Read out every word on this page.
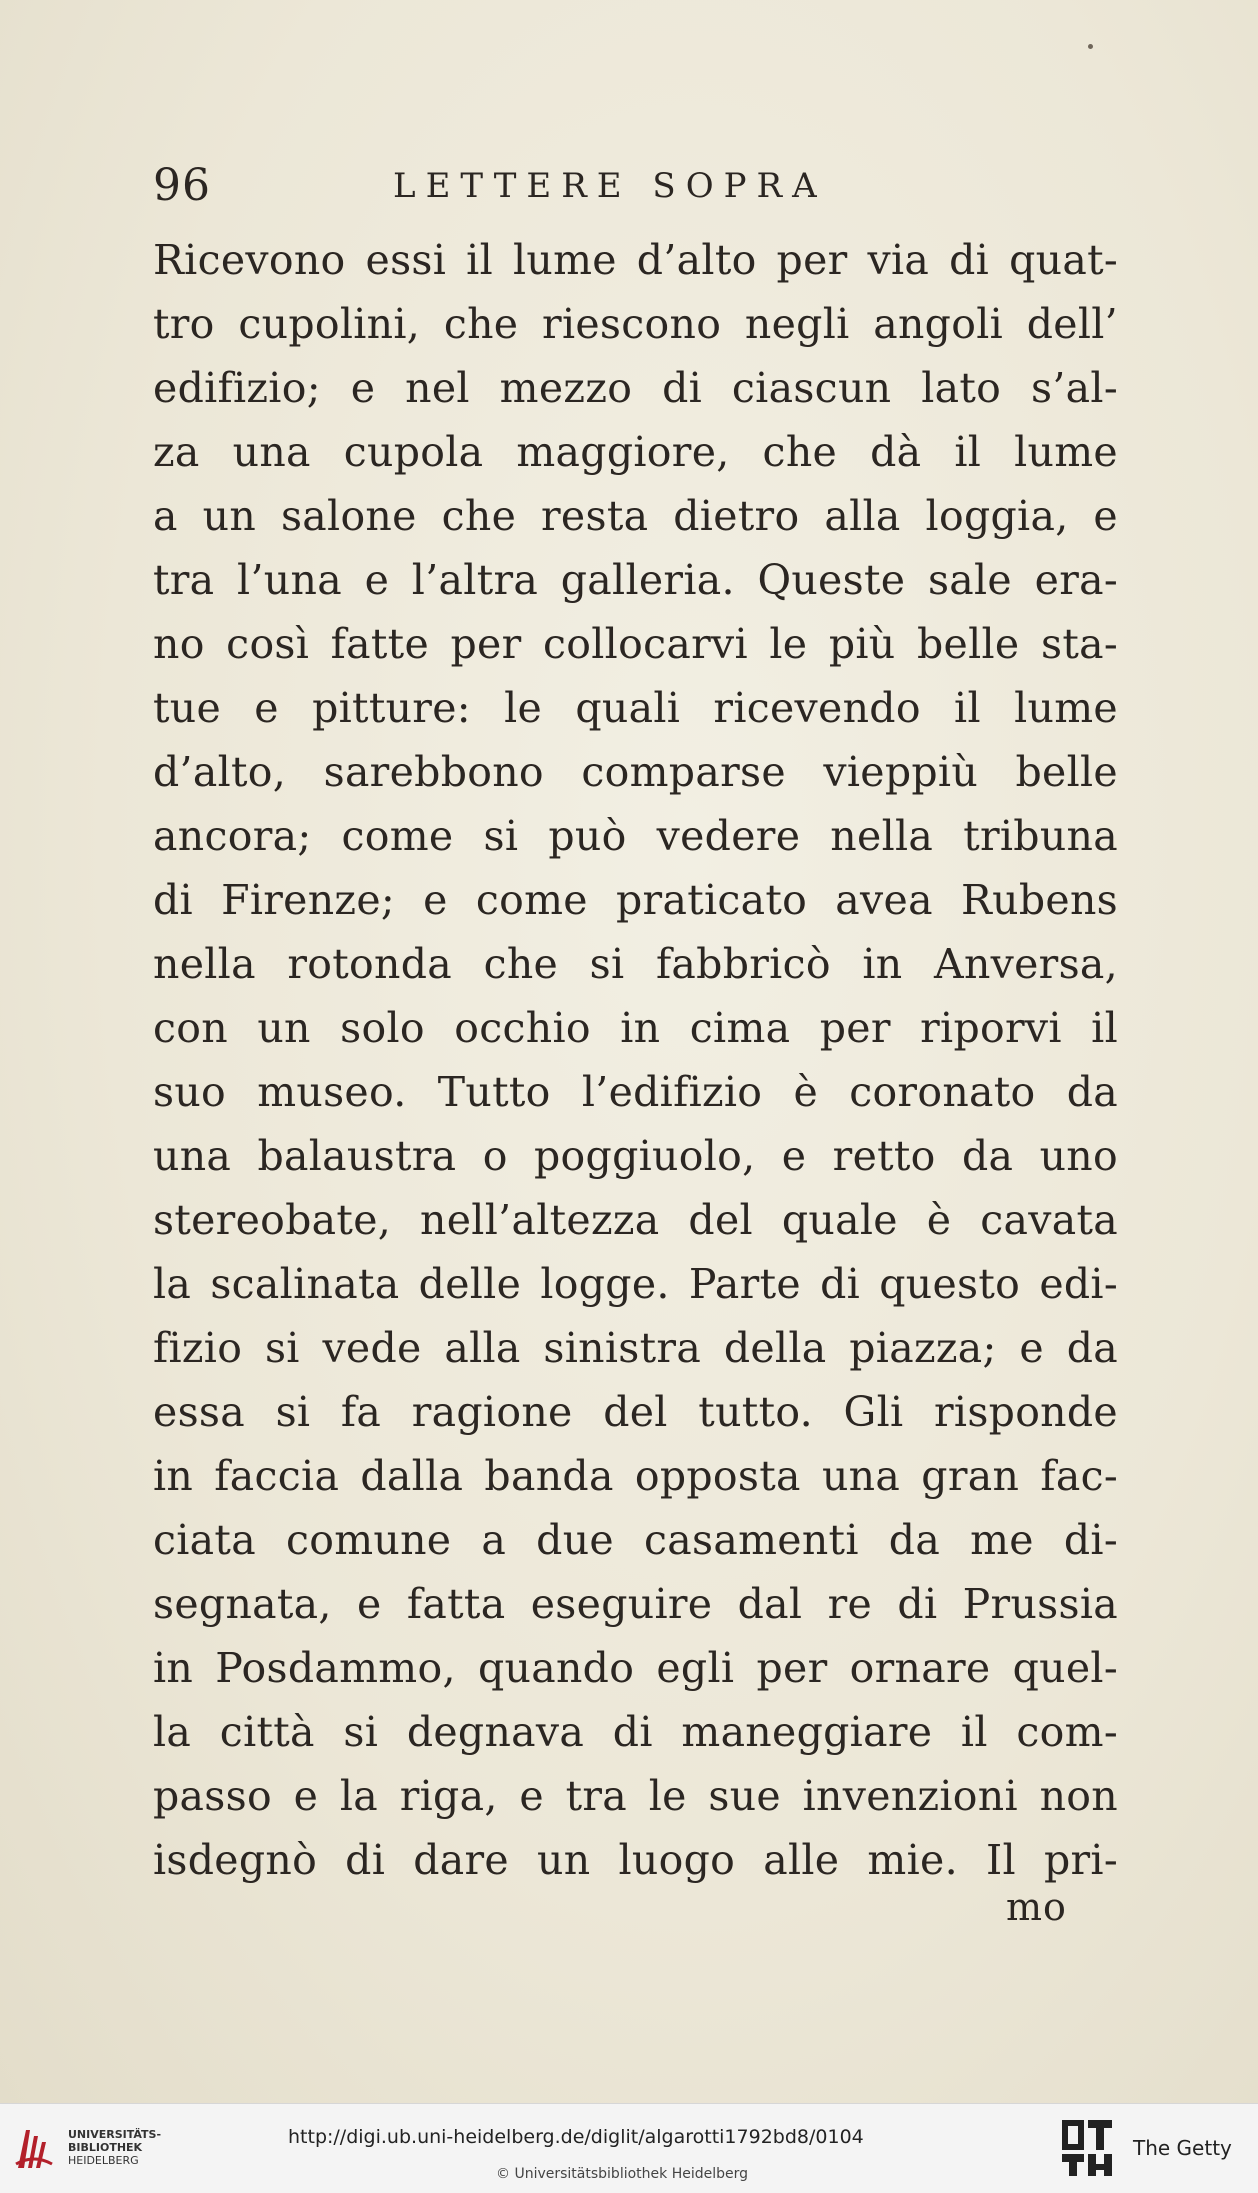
96	LETTERE SOPRA
Ricevono essi il lume d’alto per via di quat-
tro cupolini, che riescono negli angoli dell’
edifizio; e nel mezzo di ciascun lato s’al-
za una cupola maggiore, che dà il lume
a un salone che resta dietro alla loggia, e
tra l’una e l’altra galleria. Queste sale era-
no così fatte per collocarvi le più belle sta-
tue e pitture: le quali ricevendo il lume
d’alto, sarebbono comparse vieppiù belle
ancora; come si può vedere nella tribuna
di Firenze; e come praticato avea Rubens
nella rotonda che si fabbricò in Anversa,
con un solo occhio in cima per riporvi il
suo museo. Tutto l’edifizio è coronato da
una balaustra o poggiuolo, e retto da uno
stereobate, nell’altezza del quale è cavata
la scalinata delle logge. Parte di questo edi-
fizio si vede alla sinistra della piazza; e da
essa si fa ragione del tutto. Gli risponde
in faccia dalla banda opposta una gran fac-
ciata comune a due casamenti da me di-
segnata, e fatta eseguire dal re di Prussia
in Posdammo, quando egli per ornare quel-
la città si degnava di maneggiare il com-
passo e la riga, e tra le sue invenzioni non
isdegnò di dare un luogo alle mie. Il pri-
mo
UNIVERSITÄTS-
BIBLIOTHEK
HEIDELBERG
http://digi.ub.uni-heidelberg.de/diglit/algarotti1792bd8/0104
© Universitätsbibliothek Heidelberg
The Getty
